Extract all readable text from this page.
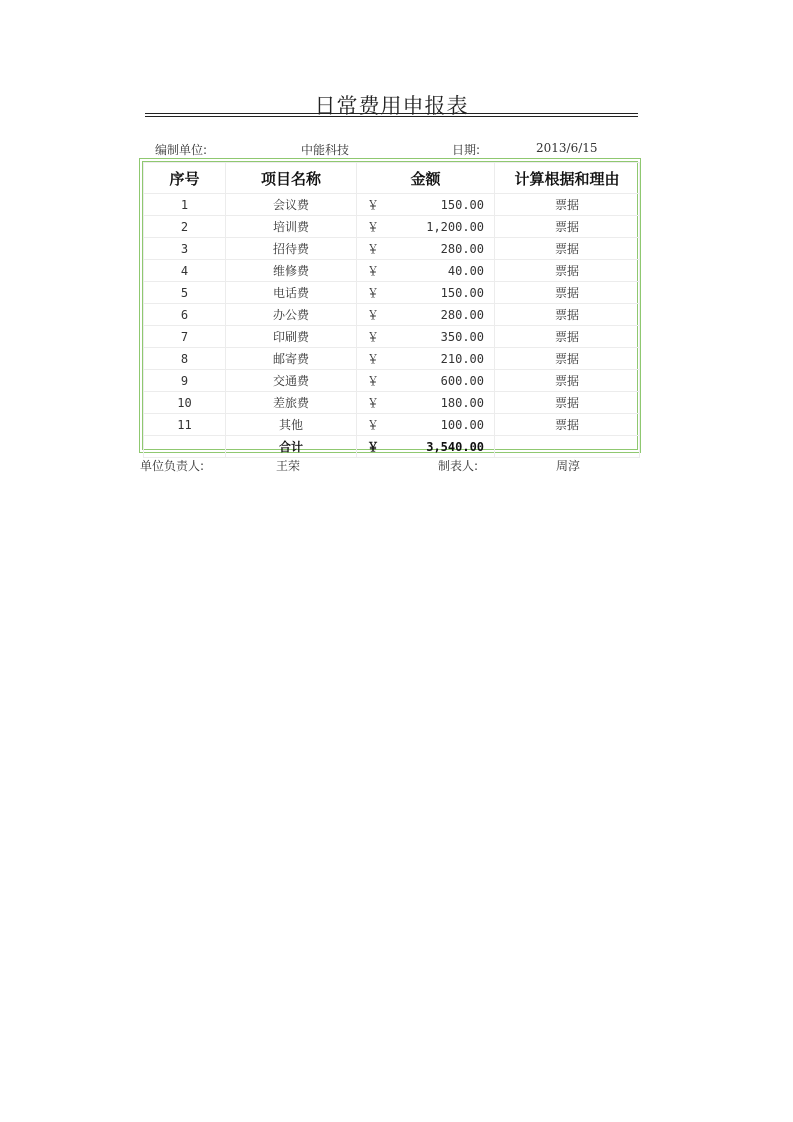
日常费用申报表
编制单位:	中能科技	日期:	2013/6/15
序号	项目名称	金额		计算根据和理由
1	会议费	￥	150.00	票据
2	培训费	￥	1,200.00	票据
3	招待费	￥	280.00	票据
4	维修费	￥	40.00	票据
5	电话费	￥	150.00	票据
6	办公费	￥	280.00	票据
7	印刷费	￥	350.00	票据
8	邮寄费	￥	210.00	票据
9	交通费	￥	600.00	票据
10	差旅费	￥	180.00	票据
11	其他	￥	100.00	票据
	合计	￥	3,540.00	
单位负责人:	王荣	制表人:	周淳
